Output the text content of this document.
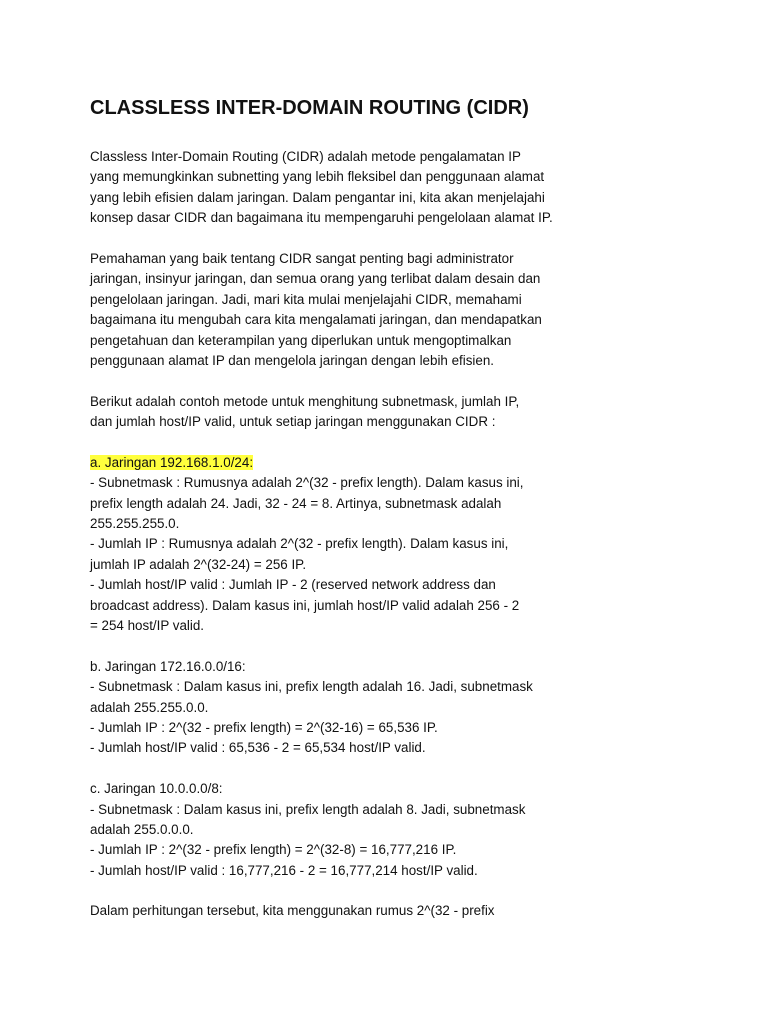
CLASSLESS INTER-DOMAIN ROUTING (CIDR)
Classless Inter-Domain Routing (CIDR) adalah metode pengalamatan IP
yang memungkinkan subnetting yang lebih fleksibel dan penggunaan alamat
yang lebih efisien dalam jaringan. Dalam pengantar ini, kita akan menjelajahi
konsep dasar CIDR dan bagaimana itu mempengaruhi pengelolaan alamat IP.
Pemahaman yang baik tentang CIDR sangat penting bagi administrator
jaringan, insinyur jaringan, dan semua orang yang terlibat dalam desain dan
pengelolaan jaringan. Jadi, mari kita mulai menjelajahi CIDR, memahami
bagaimana itu mengubah cara kita mengalamati jaringan, dan mendapatkan
pengetahuan dan keterampilan yang diperlukan untuk mengoptimalkan
penggunaan alamat IP dan mengelola jaringan dengan lebih efisien.
Berikut adalah contoh metode untuk menghitung subnetmask, jumlah IP,
dan jumlah host/IP valid, untuk setiap jaringan menggunakan CIDR :
a. Jaringan 192.168.1.0/24:
- Subnetmask : Rumusnya adalah 2^(32 - prefix length). Dalam kasus ini,
prefix length adalah 24. Jadi, 32 - 24 = 8. Artinya, subnetmask adalah
255.255.255.0.
- Jumlah IP : Rumusnya adalah 2^(32 - prefix length). Dalam kasus ini,
jumlah IP adalah 2^(32-24) = 256 IP.
- Jumlah host/IP valid : Jumlah IP - 2 (reserved network address dan
broadcast address). Dalam kasus ini, jumlah host/IP valid adalah 256 - 2
= 254 host/IP valid.
b. Jaringan 172.16.0.0/16:
- Subnetmask : Dalam kasus ini, prefix length adalah 16. Jadi, subnetmask
adalah 255.255.0.0.
- Jumlah IP : 2^(32 - prefix length) = 2^(32-16) = 65,536 IP.
- Jumlah host/IP valid : 65,536 - 2 = 65,534 host/IP valid.
c. Jaringan 10.0.0.0/8:
- Subnetmask : Dalam kasus ini, prefix length adalah 8. Jadi, subnetmask
adalah 255.0.0.0.
- Jumlah IP : 2^(32 - prefix length) = 2^(32-8) = 16,777,216 IP.
- Jumlah host/IP valid : 16,777,216 - 2 = 16,777,214 host/IP valid.
Dalam perhitungan tersebut, kita menggunakan rumus 2^(32 - prefix
